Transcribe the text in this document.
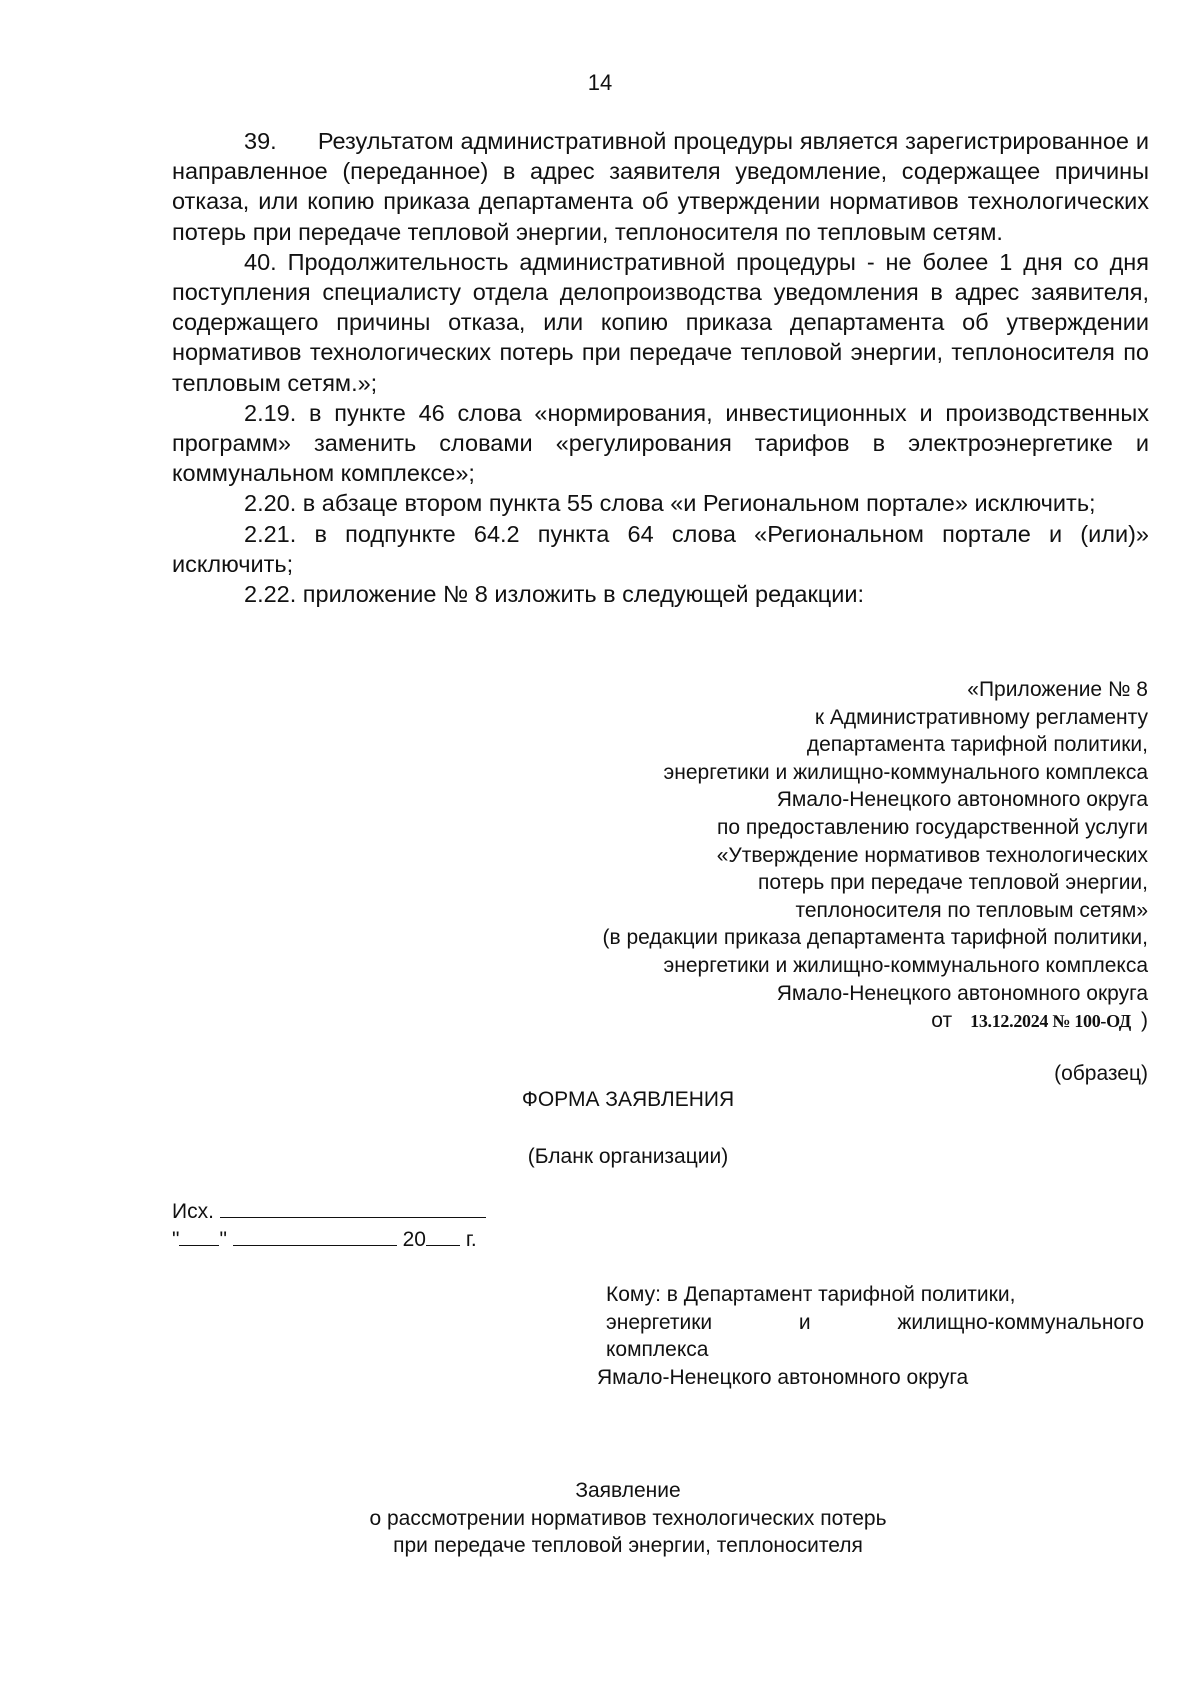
14

39.      Результатом административной процедуры является зарегистрированное и направленное (переданное) в адрес заявителя уведомление, содержащее причины отказа, или копию приказа департамента об утверждении нормативов технологических потерь при передаче тепловой энергии, теплоносителя по тепловым сетям.

40. Продолжительность административной процедуры - не более 1 дня со дня поступления специалисту отдела делопроизводства уведомления в адрес заявителя, содержащего причины отказа, или копию приказа департамента об утверждении нормативов технологических потерь при передаче тепловой энергии, теплоносителя по тепловым сетям.»;

2.19. в пункте 46 слова «нормирования, инвестиционных и производственных программ» заменить словами «регулирования тарифов в электроэнергетике и коммунальном комплексе»;

2.20. в абзаце втором пункта 55 слова «и Региональном портале» исключить;

2.21. в подпункте 64.2 пункта 64 слова «Региональном портале и (или)» исключить;

2.22. приложение № 8 изложить в следующей редакции:

«Приложение № 8
к Административному регламенту
департамента тарифной политики,
энергетики и жилищно-коммунального комплекса
Ямало-Ненецкого автономного округа
по предоставлению государственной услуги
«Утверждение нормативов технологических
потерь при передаче тепловой энергии,
теплоносителя по тепловым сетям»
(в редакции приказа департамента тарифной политики,
энергетики и жилищно-коммунального комплекса
Ямало-Ненецкого автономного округа
от 13.12.2024 № 100-ОД )
(образец)
ФОРМА ЗАЯВЛЕНИЯ
(Бланк организации)
Исх.
" "	20 г.
Кому: в Департамент тарифной политики,
энергетики и жилищно-коммунального
комплекса
Ямало-Ненецкого автономного округа
Заявление
о рассмотрении нормативов технологических потерь
при передаче тепловой энергии, теплоносителя
